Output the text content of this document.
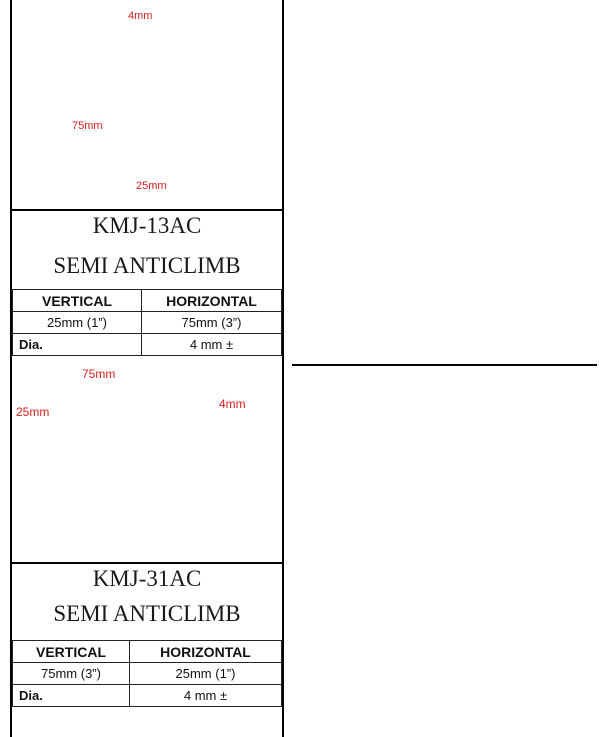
4mm
75mm
25mm
KMJ-13AC
SEMI ANTICLIMB
VERTICAL	HORIZONTAL
25mm (1”)	75mm (3”)
Dia.	4 mm ±
75mm
25mm
4mm
KMJ-31AC
SEMI ANTICLIMB
VERTICAL	HORIZONTAL
75mm (3”)	25mm (1”)
Dia.	4 mm ±
